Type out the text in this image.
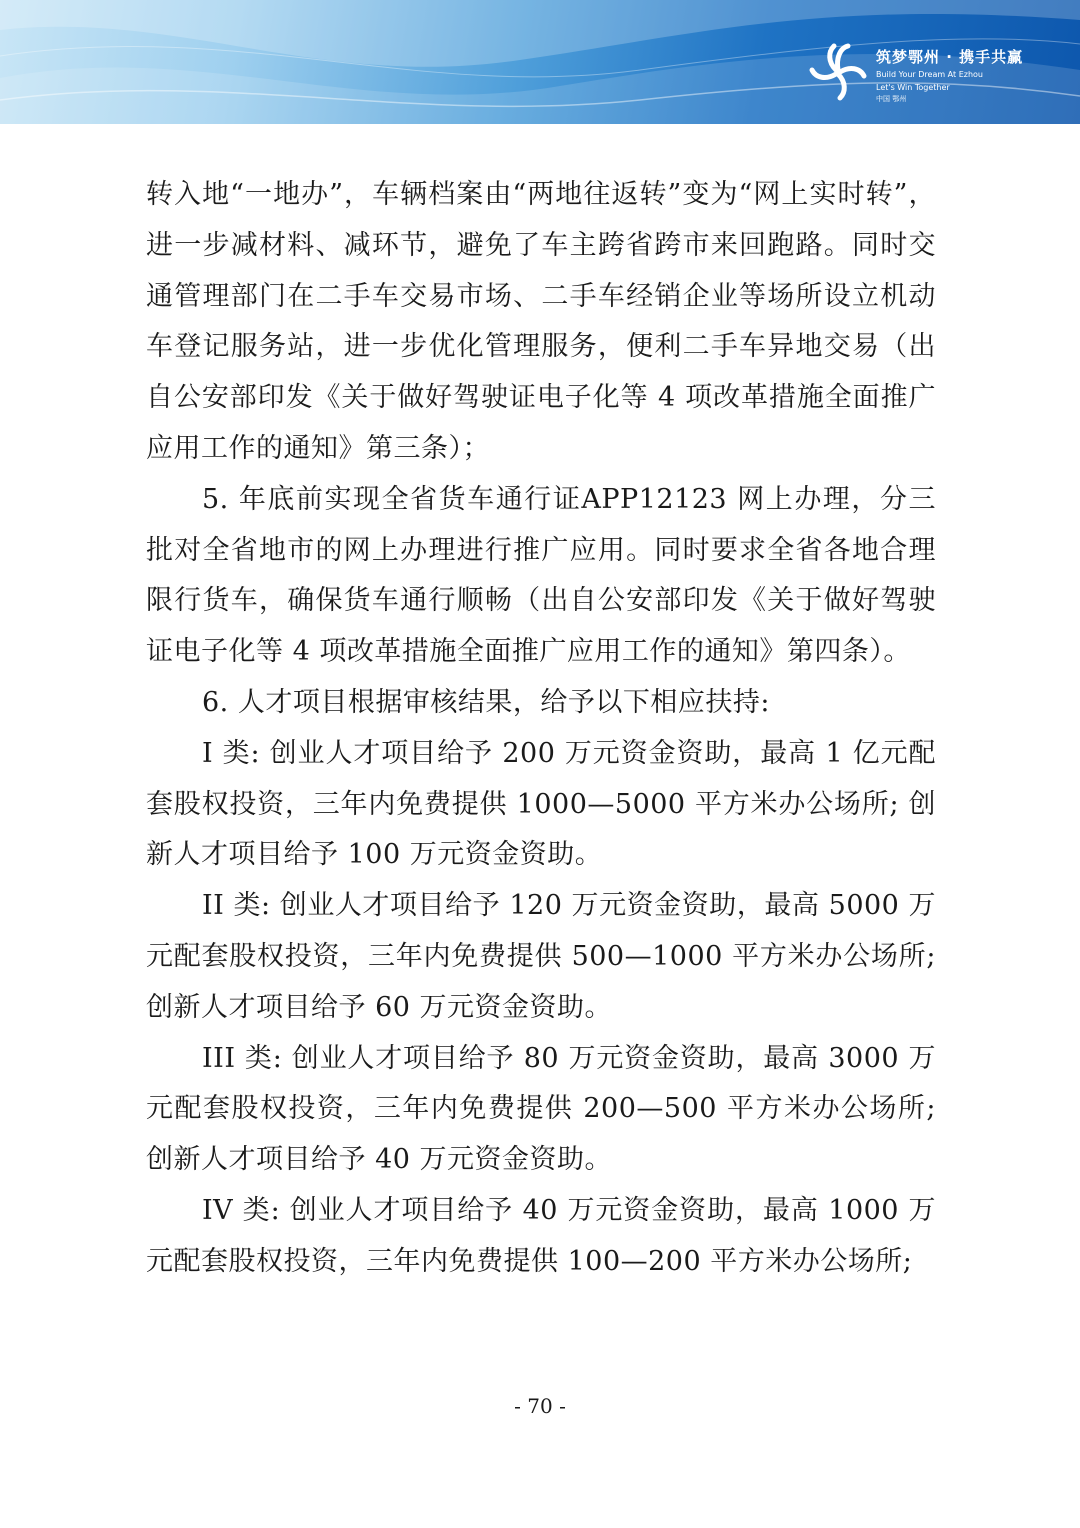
筑梦鄂州 · 携手共赢
Build Your Dream At Ezhou
Let's Win Together
中国 鄂州

转入地“一地办”，车辆档案由“两地往返转”变为“网上实时转”，进一步减材料、减环节，避免了车主跨省跨市来回跑路。同时交通管理部门在二手车交易市场、二手车经销企业等场所设立机动车登记服务站，进一步优化管理服务，便利二手车异地交易（出自公安部印发《关于做好驾驶证电子化等 4 项改革措施全面推广应用工作的通知》第三条）；

5. 年底前实现全省货车通行证APP12123 网上办理，分三批对全省地市的网上办理进行推广应用。同时要求全省各地合理限行货车，确保货车通行顺畅（出自公安部印发《关于做好驾驶证电子化等 4 项改革措施全面推广应用工作的通知》第四条）。

6. 人才项目根据审核结果，给予以下相应扶持:

I 类: 创业人才项目给予 200 万元资金资助，最高 1 亿元配套股权投资，三年内免费提供 1000—5000 平方米办公场所; 创新人才项目给予 100 万元资金资助。

II 类: 创业人才项目给予 120 万元资金资助，最高 5000 万元配套股权投资，三年内免费提供 500—1000 平方米办公场所; 创新人才项目给予 60 万元资金资助。

III 类: 创业人才项目给予 80 万元资金资助，最高 3000 万元配套股权投资，三年内免费提供 200—500 平方米办公场所; 创新人才项目给予 40 万元资金资助。

IV 类: 创业人才项目给予 40 万元资金资助，最高 1000 万元配套股权投资，三年内免费提供 100—200 平方米办公场所;

- 70 -
